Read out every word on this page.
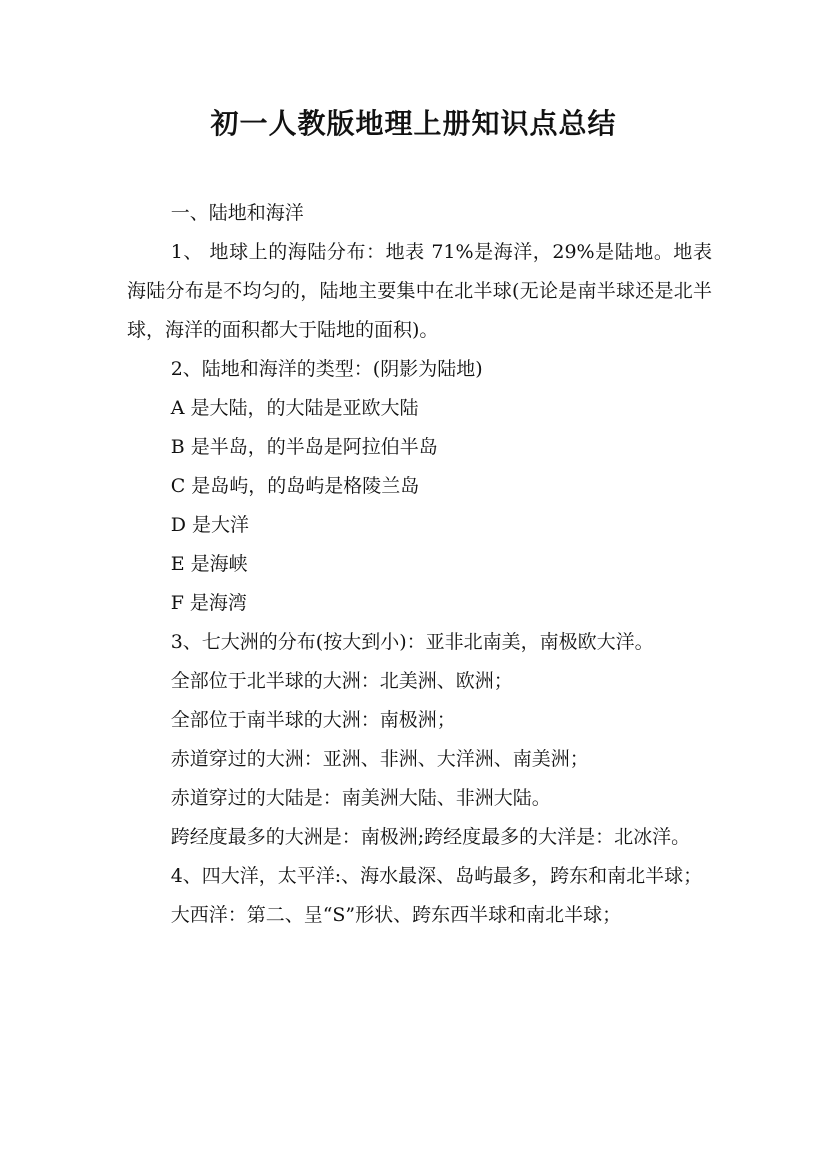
初一人教版地理上册知识点总结

一、陆地和海洋

1、 地球上的海陆分布：地表 71%是海洋，29%是陆地。地表海陆分布是不均匀的，陆地主要集中在北半球(无论是南半球还是北半球，海洋的面积都大于陆地的面积)。

2、陆地和海洋的类型：(阴影为陆地)

A 是大陆，的大陆是亚欧大陆

B 是半岛，的半岛是阿拉伯半岛

C 是岛屿，的岛屿是格陵兰岛

D 是大洋

E 是海峡

F 是海湾

3、七大洲的分布(按大到小)：亚非北南美，南极欧大洋。

全部位于北半球的大洲：北美洲、欧洲；

全部位于南半球的大洲：南极洲；

赤道穿过的大洲：亚洲、非洲、大洋洲、南美洲；

赤道穿过的大陆是：南美洲大陆、非洲大陆。

跨经度最多的大洲是：南极洲;跨经度最多的大洋是：北冰洋。

4、四大洋，太平洋:、海水最深、岛屿最多，跨东和南北半球；

大西洋：第二、呈“S”形状、跨东西半球和南北半球；
